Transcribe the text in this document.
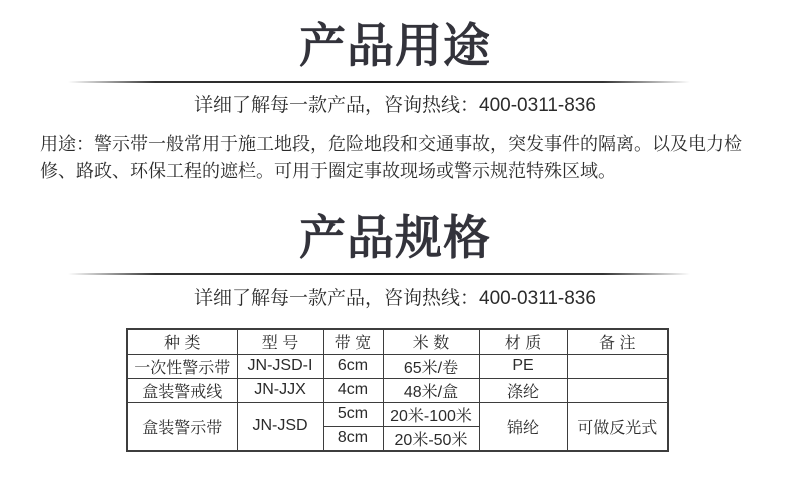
产品用途
详细了解每一款产品，咨询热线：400-0311-836
用途：警示带一般常用于施工地段，危险地段和交通事故，突发事件的隔离。以及电力检
修、路政、环保工程的遮栏。可用于圈定事故现场或警示规范特殊区域。
产品规格
详细了解每一款产品，咨询热线：400-0311-836
种 类	型 号	带 宽	米 数	材 质	备 注
一次性警示带	JN-JSD-I	6cm	65米/卷	PE	
盒装警戒线	JN-JJX	4cm	48米/盒	涤纶	
盒装警示带	JN-JSD	5cm	20米-100米	锦纶	可做反光式
		8cm	20米-50米		
